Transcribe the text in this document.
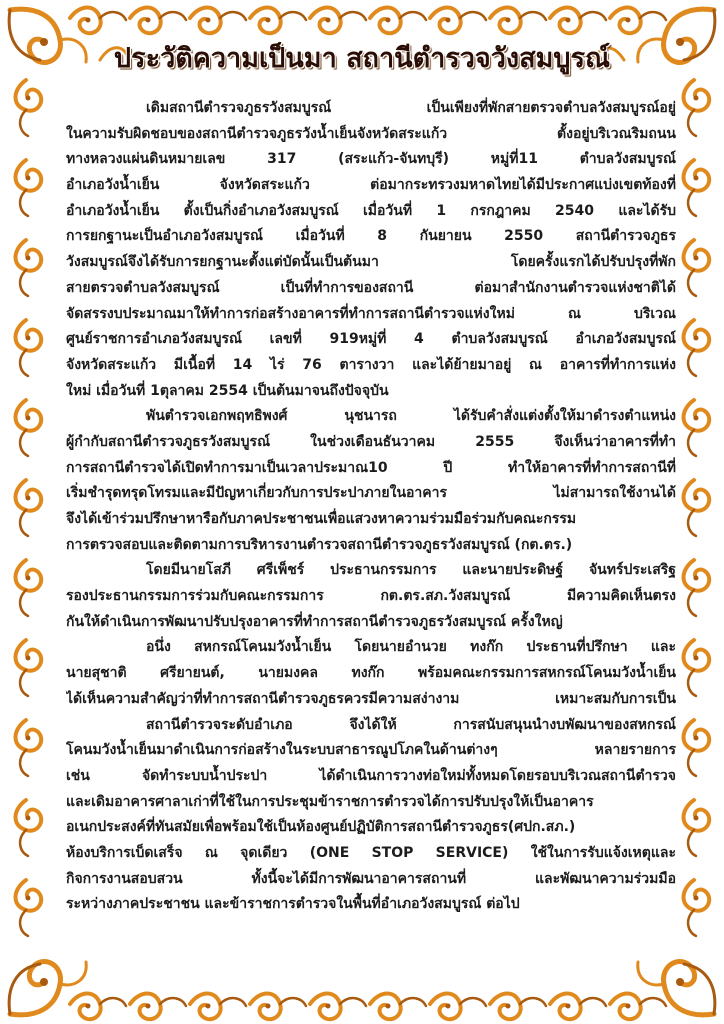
ประวัติความเป็นมา สถานีตำรวจวังสมบูรณ์
เดิมสถานีตำรวจภูธรวังสมบูรณ์ เป็นเพียงที่พักสายตรวจตำบลวังสมบูรณ์อยู่
ในความรับผิดชอบของสถานีตำรวจภูธรวังน้ำเย็นจังหวัดสระแก้ว ตั้งอยู่บริเวณริมถนน
ทางหลวงแผ่นดินหมายเลข 317 (สระแก้ว-จันทบุรี) หมู่ที่11 ตำบลวังสมบูรณ์
อำเภอวังน้ำเย็น จังหวัดสระแก้ว ต่อมากระทรวงมหาดไทยได้มีประกาศแบ่งเขตท้องที่
อำเภอวังน้ำเย็น ตั้งเป็นกิ่งอำเภอวังสมบูรณ์ เมื่อวันที่ 1 กรกฎาคม 2540 และได้รับ
การยกฐานะเป็นอำเภอวังสมบูรณ์ เมื่อวันที่ 8 กันยายน 2550 สถานีตำรวจภูธร
วังสมบูรณ์จึงได้รับการยกฐานะตั้งแต่บัดนั้นเป็นต้นมา โดยครั้งแรกได้ปรับปรุงที่พัก
สายตรวจตำบลวังสมบูรณ์ เป็นที่ทำการของสถานี ต่อมาสำนักงานตำรวจแห่งชาติได้
จัดสรรงบประมาณมาให้ทำการก่อสร้างอาคารที่ทำการสถานีตำรวจแห่งใหม่ ณ บริเวณ
ศูนย์ราชการอำเภอวังสมบูรณ์ เลขที่ 919หมู่ที่ 4 ตำบลวังสมบูรณ์ อำเภอวังสมบูรณ์
จังหวัดสระแก้ว มีเนื้อที่ 14 ไร่ 76 ตารางวา และได้ย้ายมาอยู่ ณ อาคารที่ทำการแห่ง
ใหม่ เมื่อวันที่ 1ตุลาคม 2554 เป็นต้นมาจนถึงปัจจุบัน
พันตำรวจเอกพฤทธิพงศ์ นุชนารถ ได้รับคำสั่งแต่งตั้งให้มาดำรงตำแหน่ง
ผู้กำกับสถานีตำรวจภูธรวังสมบูรณ์ ในช่วงเดือนธันวาคม 2555 จึงเห็นว่าอาคารที่ทำ
การสถานีตำรวจได้เปิดทำการมาเป็นเวลาประมาณ10 ปี ทำให้อาคารที่ทำการสถานีที่
เริ่มชำรุดทรุดโทรมและมีปัญหาเกี่ยวกับการประปาภายในอาคาร ไม่สามารถใช้งานได้
จึงได้เข้าร่วมปรึกษาหารือกับภาคประชาชนเพื่อแสวงหาความร่วมมือร่วมกับคณะกรรม
การตรวจสอบและติดตามการบริหารงานตำรวจสถานีตำรวจภูธรวังสมบูรณ์ (กต.ตร.)
โดยมีนายโสภี ศรีเพ็ชร์ ประธานกรรมการ และนายประดิษฐ์ จันทร์ประเสริฐ
รองประธานกรรมการร่วมกับคณะกรรมการ กต.ตร.สภ.วังสมบูรณ์ มีความคิดเห็นตรง
กันให้ดำเนินการพัฒนาปรับปรุงอาคารที่ทำการสถานีตำรวจภูธรวังสมบูรณ์ ครั้งใหญ่
อนึ่ง สหกรณ์โคนมวังน้ำเย็น โดยนายอำนวย ทงก๊ก ประธานที่ปรึกษา และ
นายสุชาติ ศรียายนต์, นายมงคล ทงก๊ก พร้อมคณะกรรมการสหกรณ์โคนมวังน้ำเย็น
ได้เห็นความสำคัญว่าที่ทำการสถานีตำรวจภูธรควรมีความสง่างาม เหมาะสมกับการเป็น
สถานีตำรวจระดับอำเภอ จึงได้ให้ การสนับสนุนนำงบพัฒนาของสหกรณ์
โคนมวังน้ำเย็นมาดำเนินการก่อสร้างในระบบสาธารณูปโภคในด้านต่างๆ หลายรายการ
เช่น จัดทำระบบน้ำประปา ได้ดำเนินการวางท่อใหม่ทั้งหมดโดยรอบบริเวณสถานีตำรวจ
และเดิมอาคารศาลาเก่าที่ใช้ในการประชุมข้าราชการตำรวจได้การปรับปรุงให้เป็นอาคาร
อเนกประสงค์ที่ทันสมัยเพื่อพร้อมใช้เป็นห้องศูนย์ปฏิบัติการสถานีตำรวจภูธร(ศปก.สภ.)
ห้องบริการเบ็ดเสร็จ ณ จุดเดียว (ONE STOP SERVICE) ใช้ในการรับแจ้งเหตุและ
กิจการงานสอบสวน ทั้งนี้จะได้มีการพัฒนาอาคารสถานที่ และพัฒนาความร่วมมือ
ระหว่างภาคประชาชน และข้าราชการตำรวจในพื้นที่อำเภอวังสมบูรณ์ ต่อไป
